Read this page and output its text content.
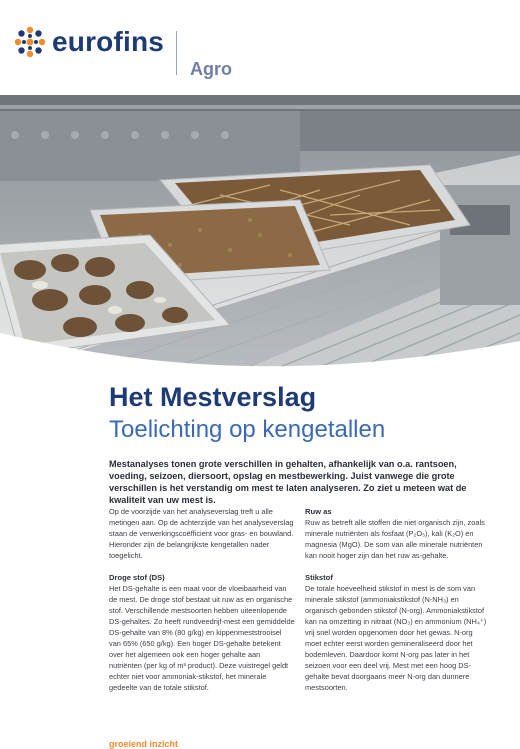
eurofins
Agro
Het Mestverslag
Toelichting op kengetallen

Mestanalyses tonen grote verschillen in gehalten, afhankelijk van o.a. rantsoen, voeding, seizoen, diersoort, opslag en mestbewerking. Juist vanwege die grote verschillen is het verstandig om mest te laten analyseren. Zo ziet u meteen wat de kwaliteit van uw mest is.

Op de voorzijde van het analyseverslag treft u alle metingen aan. Op de achterzijde van het analyseverslag staan de verwerkingscoëfficient voor gras- en bouwland. Hieronder zijn de belangrijkste kengetallen nader toegelicht.

Droge stof (DS)

Het DS-gehalte is een maat voor de vloeibaarheid van de mest. De droge stof bestaat uit ruw as en organische stof. Verschillende mestsoorten hebben uiteenlopende DS-gehaltes. Zo heeft rundveedrijf-mest een gemiddelde DS-gehalte van 8% (80 g/kg) en kippenmeststrooisel van 65% (650 g/kg). Een hoger DS-gehalte betekent over het algemeen ook een hoger gehalte aan nutriënten (per kg of m³ product). Deze vuistregel geldt echter niet voor ammoniak-stikstof, het minerale gedeelte van de totale stikstof.

Ruw as

Ruw as betreft alle stoffen die niet organisch zijn, zoals minerale nutriënten als fosfaat (P₂O₅), kali (K₂O) en magnesia (MgO). De som van alle minerale nutriënten kan nooit hoger zijn dan het ruw as-gehalte.

Stikstof

De totale hoeveelheid stikstof in mest is de som van minerale stikstof (ammoniakstikstof (N-NH₃) en organisch gebonden stikstof (N-org). Ammoniakstikstof kan na omzetting in nitraat (NO₃) en ammonium (NH₄⁺) vrij snel worden opgenomen door het gewas. N-org moet echter eerst worden gemineraliseerd door het bodemleven. Daardoor komt N-org pas later in het seizoen voor een deel vrij. Mest met een hoog DS-gehalte bevat doorgaans meer N-org dan dunnere mestsoorten.

groeiend inzicht
